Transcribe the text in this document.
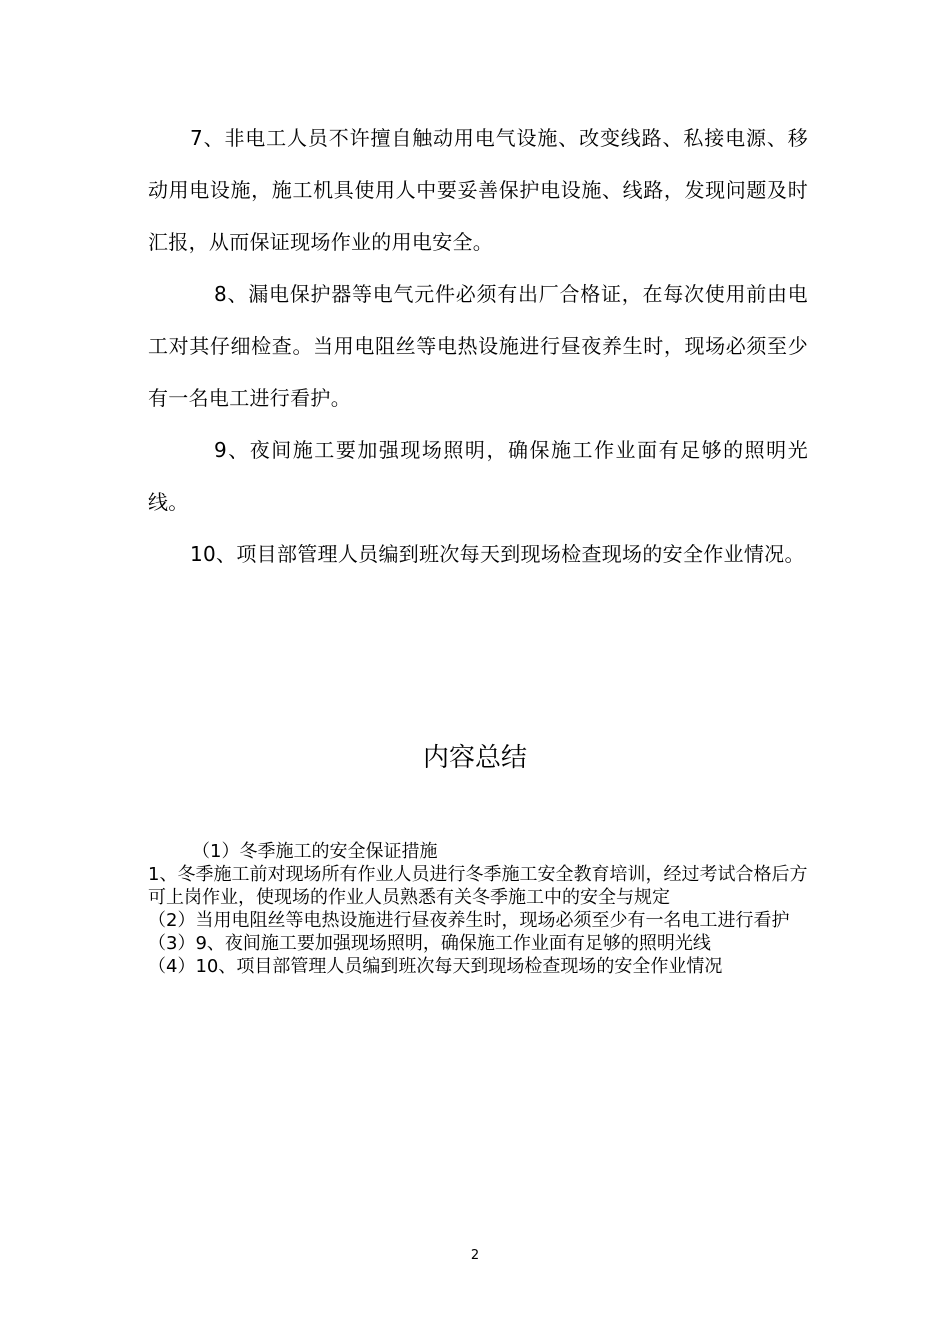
7、非电工人员不许擅自触动用电气设施、改变线路、私接电源、移动用电设施，施工机具使用人中要妥善保护电设施、线路，发现问题及时汇报，从而保证现场作业的用电安全。

8、漏电保护器等电气元件必须有出厂合格证，在每次使用前由电工对其仔细检查。当用电阻丝等电热设施进行昼夜养生时，现场必须至少有一名电工进行看护。

9、夜间施工要加强现场照明，确保施工作业面有足够的照明光线。

10、项目部管理人员编到班次每天到现场检查现场的安全作业情况。

内容总结

（1）冬季施工的安全保证措施

1、冬季施工前对现场所有作业人员进行冬季施工安全教育培训，经过考试合格后方可上岗作业，使现场的作业人员熟悉有关冬季施工中的安全与规定

（2）当用电阻丝等电热设施进行昼夜养生时，现场必须至少有一名电工进行看护

（3）9、夜间施工要加强现场照明，确保施工作业面有足够的照明光线

（4）10、项目部管理人员编到班次每天到现场检查现场的安全作业情况

2
